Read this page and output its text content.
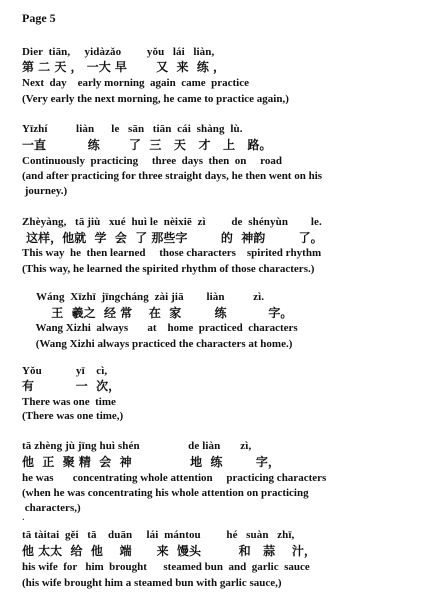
Page 5
Dier  tiān,     yidàzǎo         yǒu   lái   liàn,
第 二 天 ， 一大 早       又  来  练 ，
Next  day    early morning  again  came  practice
(Very early the next morning, he came to practice again,)
Yīzhí          liàn      le   sān   tiān  cái  shàng  lù.
一直          练       了  三   天   才   上   路。
Continuously  practicing     three  days  then  on     road
(and after practicing for three straight days, he then went on his
journey.)
Zhèyàng,   tā jiù   xué  huì le  nèixiē  zì         de  shényùn        le.
这样，他就  学  会  了 那些字        的  神韵        了。
This way  he  then learned     those characters    spirited rhythm
(This way, he learned the spirited rhythm of those characters.)
Wáng  Xīzhī  jīngcháng  zài jiā        liàn          zì.
王  羲之  经 常    在  家        练          字。
Wang Xizhi  always       at    home  practiced  characters
(Wang Xizhi always practiced the characters at home.)
Yǒu            yī    cì,
有          一  次，
There was one  time
(There was one time,)
tā zhèng jù jīng huì shén                 de liàn       zì,
他  正  聚 精  会  神              地  练        字，
he was       concentrating whole attention     practicing characters
(when he was concentrating his whole attention on practicing
characters,)
·
tā tàitai  gěi   tā    duān     lái  mántou         hé   suàn   zhī,
他 太太  给  他    端      来  馒头         和   蒜    汁，
his wife  for   him  brought      steamed bun  and  garlic  sauce
(his wife brought him a steamed bun with garlic sauce,)
